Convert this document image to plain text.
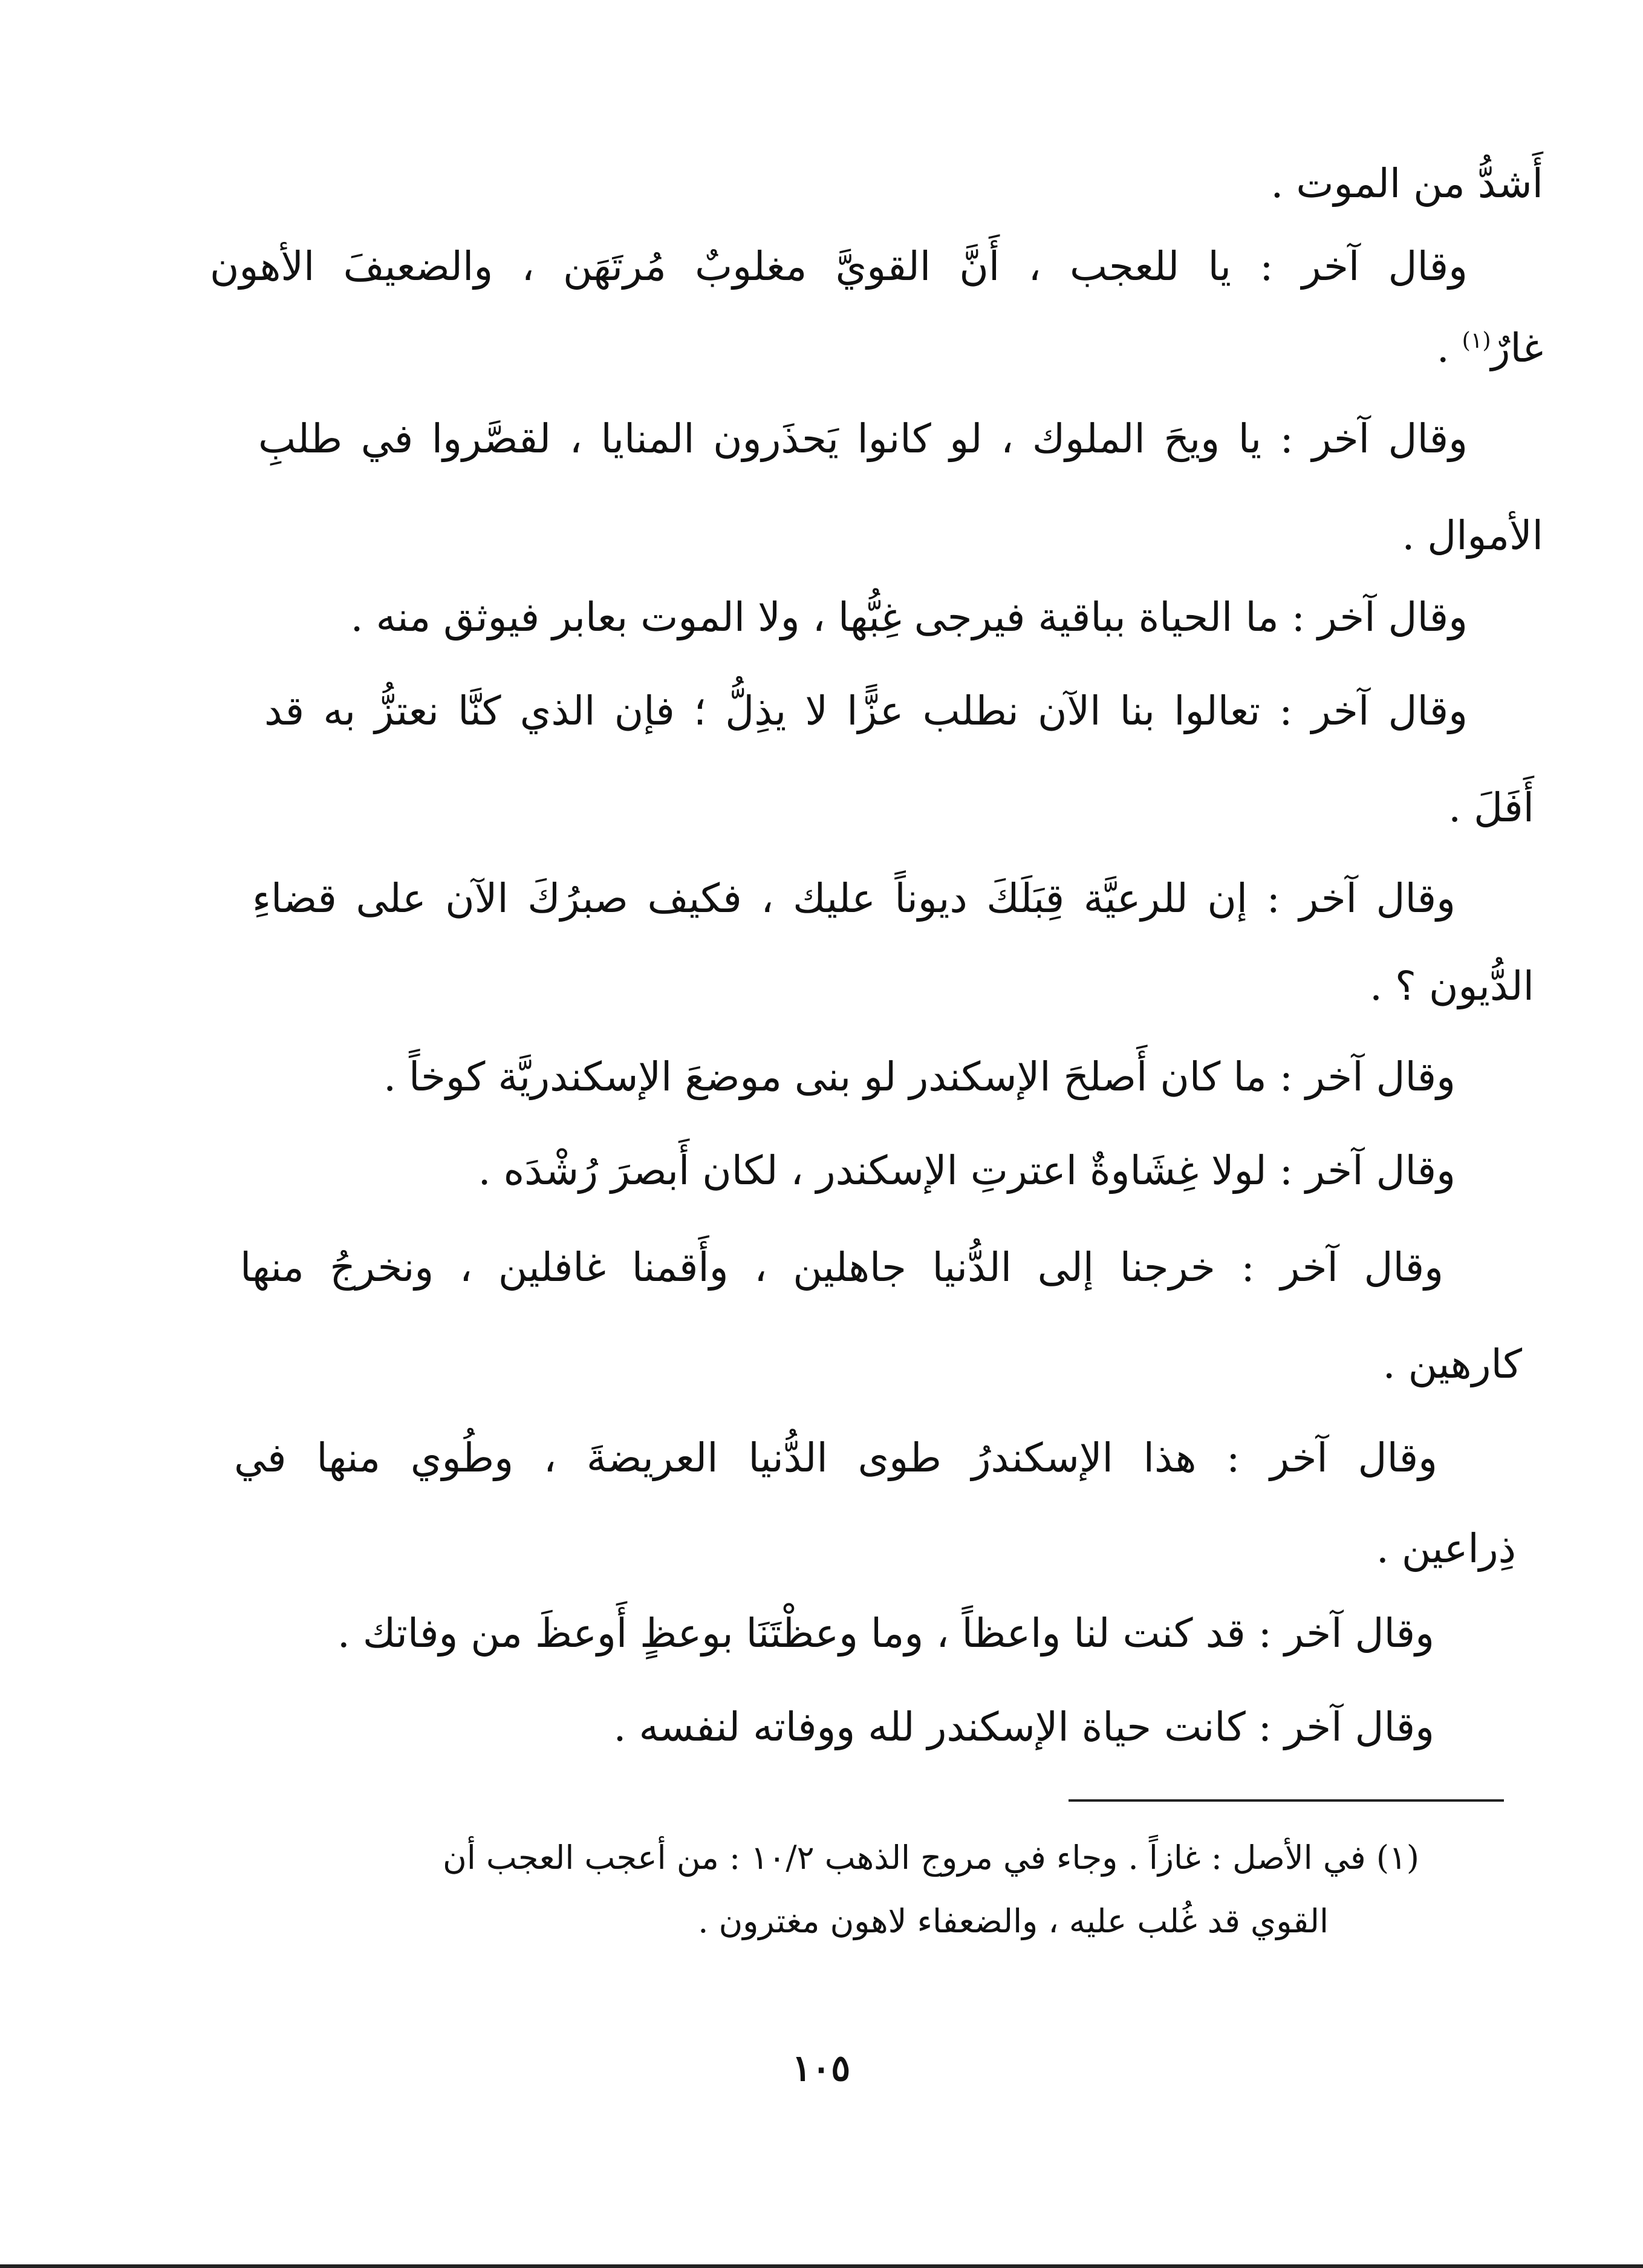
أَشدُّ من الموت .
وقال آخر : يا للعجب ، أَنَّ القويَّ مغلوبٌ مُرتَهَن ، والضعيفَ الأهون
غارٌ$^{(١)}$ .
وقال آخر : يا ويحَ الملوك ، لو كانوا يَحذَرون المنايا ، لقصَّروا في طلبِ
الأموال .
وقال آخر : ما الحياة بباقية فيرجى غِبُّها ، ولا الموت بعابر فيوثق منه .
وقال آخر : تعالوا بنا الآن نطلب عزًّا لا يذِلُّ ؛ فإن الذي كنَّا نعتزُّ به قد
أَفَلَ .
وقال آخر : إن للرعيَّة قِبَلَكَ ديوناً عليك ، فكيف صبرُكَ الآن على قضاءِ
الدُّيون ؟ .
وقال آخر : ما كان أَصلحَ الإسكندر لو بنى موضعَ الإسكندريَّة كوخاً .
وقال آخر : لولا غِشَاوةٌ اعترتِ الإسكندر ، لكان أَبصرَ رُشْدَه .
وقال آخر : خرجنا إلى الدُّنيا جاهلين ، وأَقمنا غافلين ، ونخرجُ منها
كارهين .
وقال آخر : هذا الإسكندرُ طوى الدُّنيا العريضةَ ، وطُوي منها في
ذِراعين .
وقال آخر : قد كنت لنا واعظاً ، وما وعظْتَنَا بوعظٍ أَوعظَ من وفاتك .
وقال آخر : كانت حياة الإسكندر لله ووفاته لنفسه .
(١) في الأصل : غازاً . وجاء في مروج الذهب ١٠/٢ : من أعجب العجب أن
القوي قد غُلب عليه ، والضعفاء لاهون مغترون .
١٠٥
